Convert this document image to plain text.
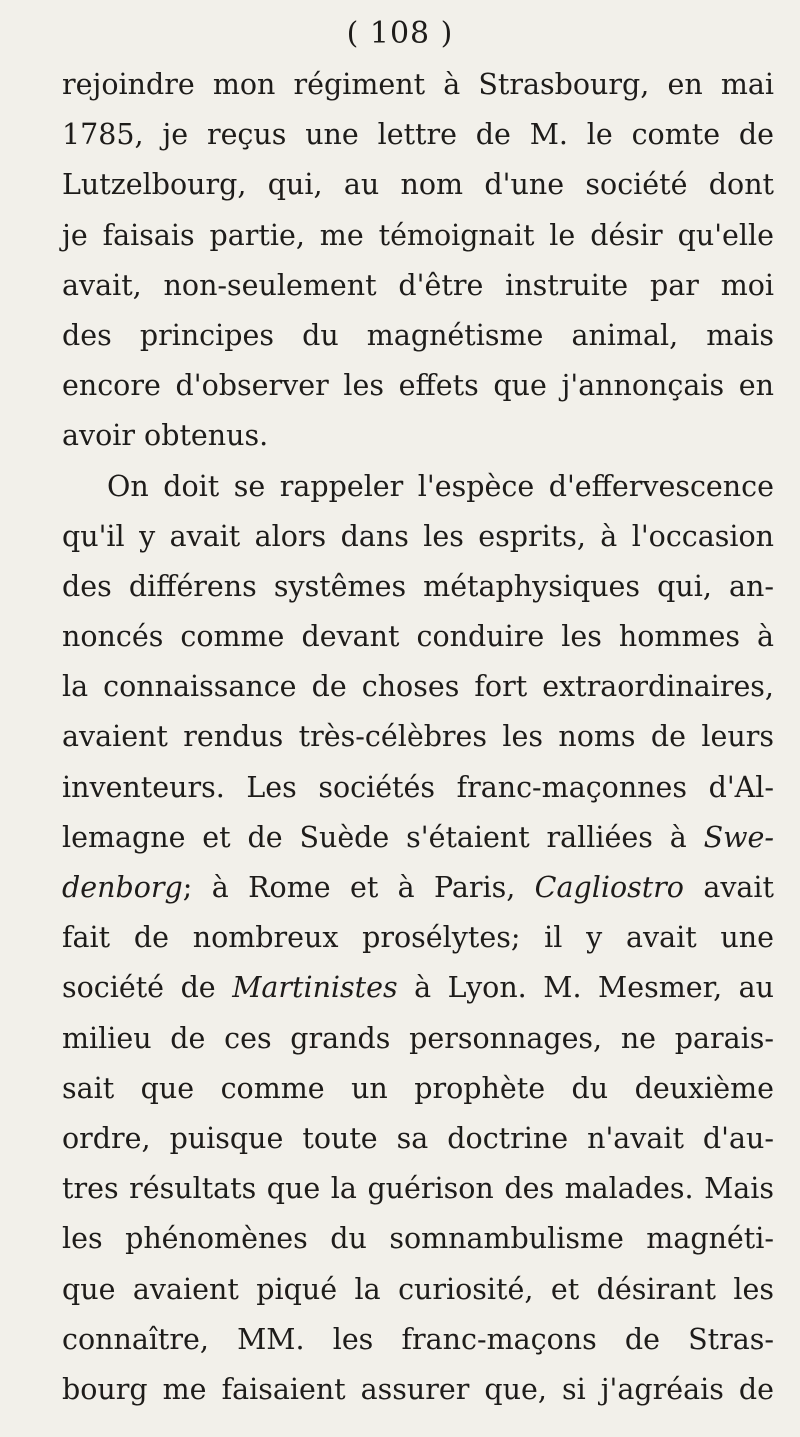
( 108 )
rejoindre mon régiment à Strasbourg, en mai
1785, je reçus une lettre de M. le comte de
Lutzelbourg, qui, au nom d'une société dont
je faisais partie, me témoignait le désir qu'elle
avait, non-seulement d'être instruite par moi
des principes du magnétisme animal, mais
encore d'observer les effets que j'annonçais en
avoir obtenus.
On doit se rappeler l'espèce d'effervescence
qu'il y avait alors dans les esprits, à l'occasion
des différens systêmes métaphysiques qui, an-
noncés comme devant conduire les hommes à
la connaissance de choses fort extraordinaires,
avaient rendus très-célèbres les noms de leurs
inventeurs. Les sociétés franc-maçonnes d'Al-
lemagne et de Suède s'étaient ralliées à Swe-
denborg; à Rome et à Paris, Cagliostro avait
fait de nombreux prosélytes; il y avait une
société de Martinistes à Lyon. M. Mesmer, au
milieu de ces grands personnages, ne parais-
sait que comme un prophète du deuxième
ordre, puisque toute sa doctrine n'avait d'au-
tres résultats que la guérison des malades. Mais
les phénomènes du somnambulisme magnéti-
que avaient piqué la curiosité, et désirant les
connaître, MM. les franc-maçons de Stras-
bourg me faisaient assurer que, si j'agréais de
